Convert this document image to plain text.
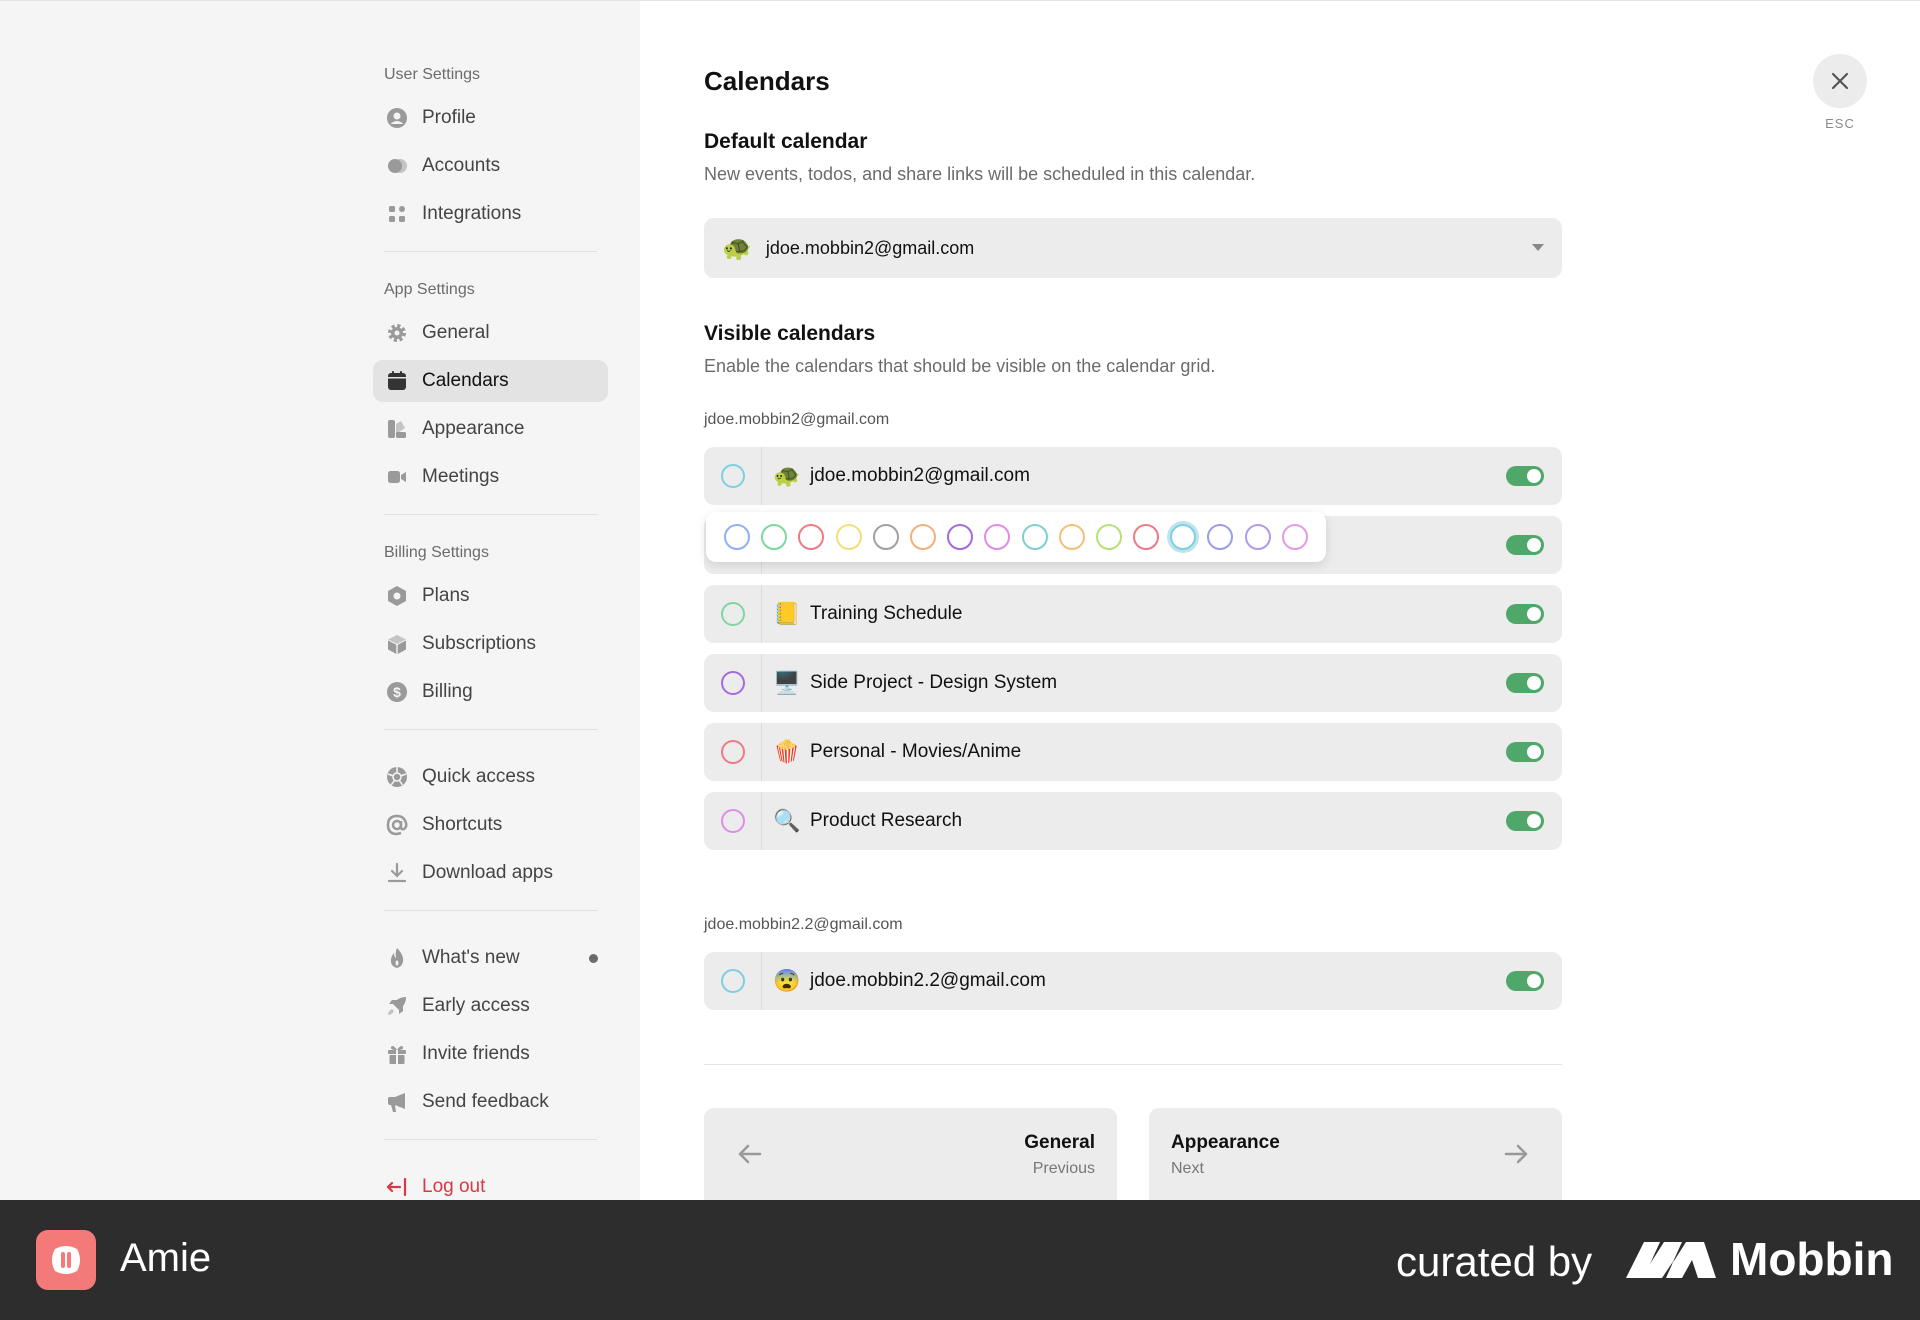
User Settings
Profile
Accounts
Integrations
App Settings
General
Calendars
Appearance
Meetings
Billing Settings
Plans
Subscriptions
$ Billing
Quick access
Shortcuts
Download apps
What's new
Early access
Invite friends
Send feedback
Log out
ESC
Calendars
Default calendar
New events, todos, and share links will be scheduled in this calendar.
🐢 jdoe.mobbin2@gmail.com
Visible calendars
Enable the calendars that should be visible on the calendar grid.
jdoe.mobbin2@gmail.com
🐢 jdoe.mobbin2@gmail.com
📒 Training Schedule
🖥️ Side Project - Design System
🍿 Personal - Movies/Anime
🔍 Product Research
jdoe.mobbin2.2@gmail.com
😨 jdoe.mobbin2.2@gmail.com
General
Previous
Appearance
Next
Amie	curated by	Mobbin
